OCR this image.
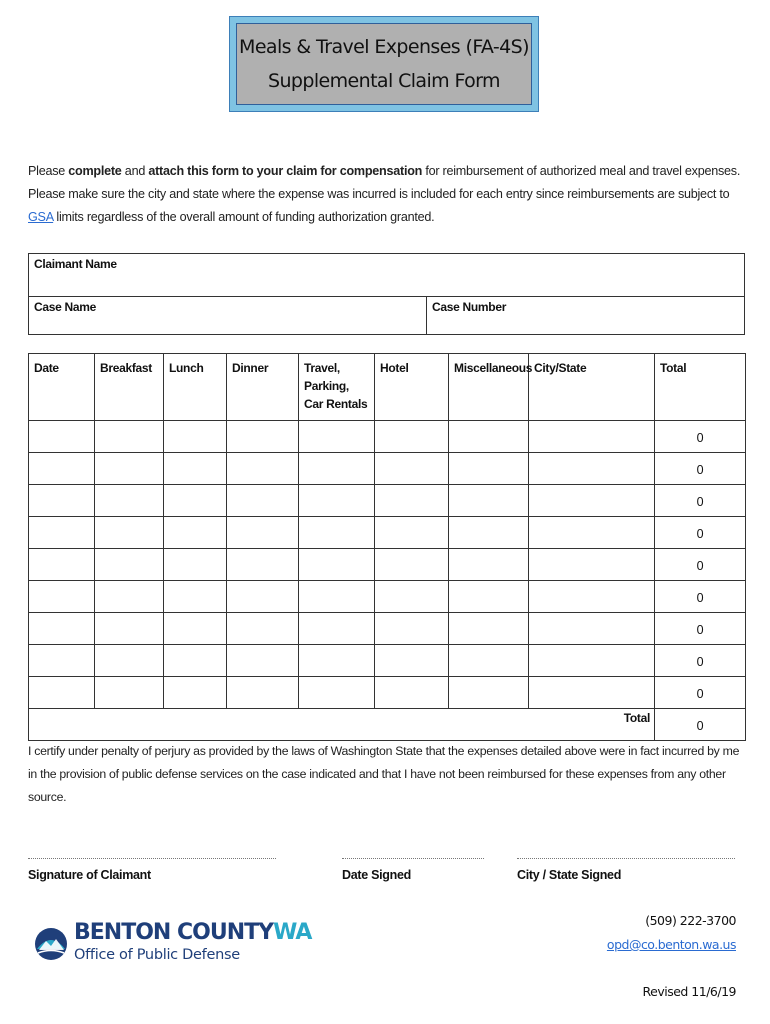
Meals & Travel Expenses (FA-4S)
Supplemental Claim Form
Please complete and attach this form to your claim for compensation for reimbursement of authorized meal and travel expenses. Please make sure the city and state where the expense was incurred is included for each entry since reimbursements are subject to GSA limits regardless of the overall amount of funding authorization granted.
Claimant Name
Case Name	Case Number
Date	Breakfast	Lunch	Dinner	Travel,
Parking,
Car Rentals	Hotel	Miscellaneous	City/State	Total
								0
								0
								0
								0
								0
								0
								0
								0
								0
Total								0
I certify under penalty of perjury as provided by the laws of Washington State that the expenses detailed above were in fact incurred by me in the provision of public defense services on the case indicated and that I have not been reimbursed for these expenses from any other source.
Signature of Claimant	Date Signed	City / State Signed
BENTON COUNTYWA
Office of Public Defense
(509) 222-3700
opd@co.benton.wa.us
Revised 11/6/19
